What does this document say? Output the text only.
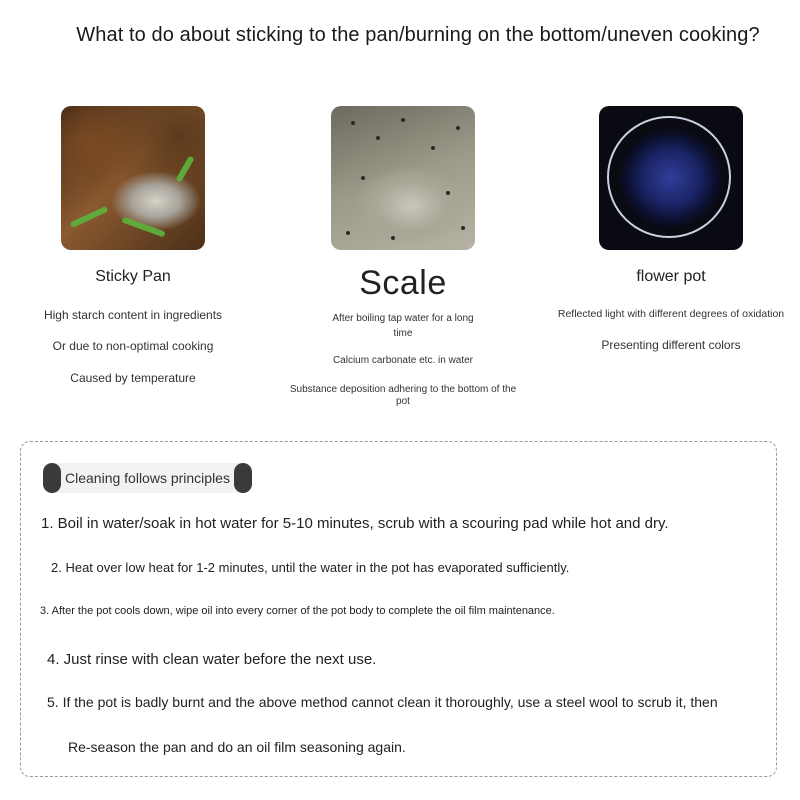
What to do about sticking to the pan/burning on the bottom/uneven cooking?
Sticky Pan
High starch content in ingredients
Or due to non-optimal cooking
Caused by temperature
Scale
After boiling tap water for a long time
Calcium carbonate etc. in water
Substance deposition adhering to the bottom of the pot
flower pot
Reflected light with different degrees of oxidation
Presenting different colors
Cleaning follows principles
1. Boil in water/soak in hot water for 5-10 minutes, scrub with a scouring pad while hot and dry.
2. Heat over low heat for 1-2 minutes, until the water in the pot has evaporated sufficiently.
3. After the pot cools down, wipe oil into every corner of the pot body to complete the oil film maintenance.
4. Just rinse with clean water before the next use.
5. If the pot is badly burnt and the above method cannot clean it thoroughly, use a steel wool to scrub it, then
Re-season the pan and do an oil film seasoning again.
